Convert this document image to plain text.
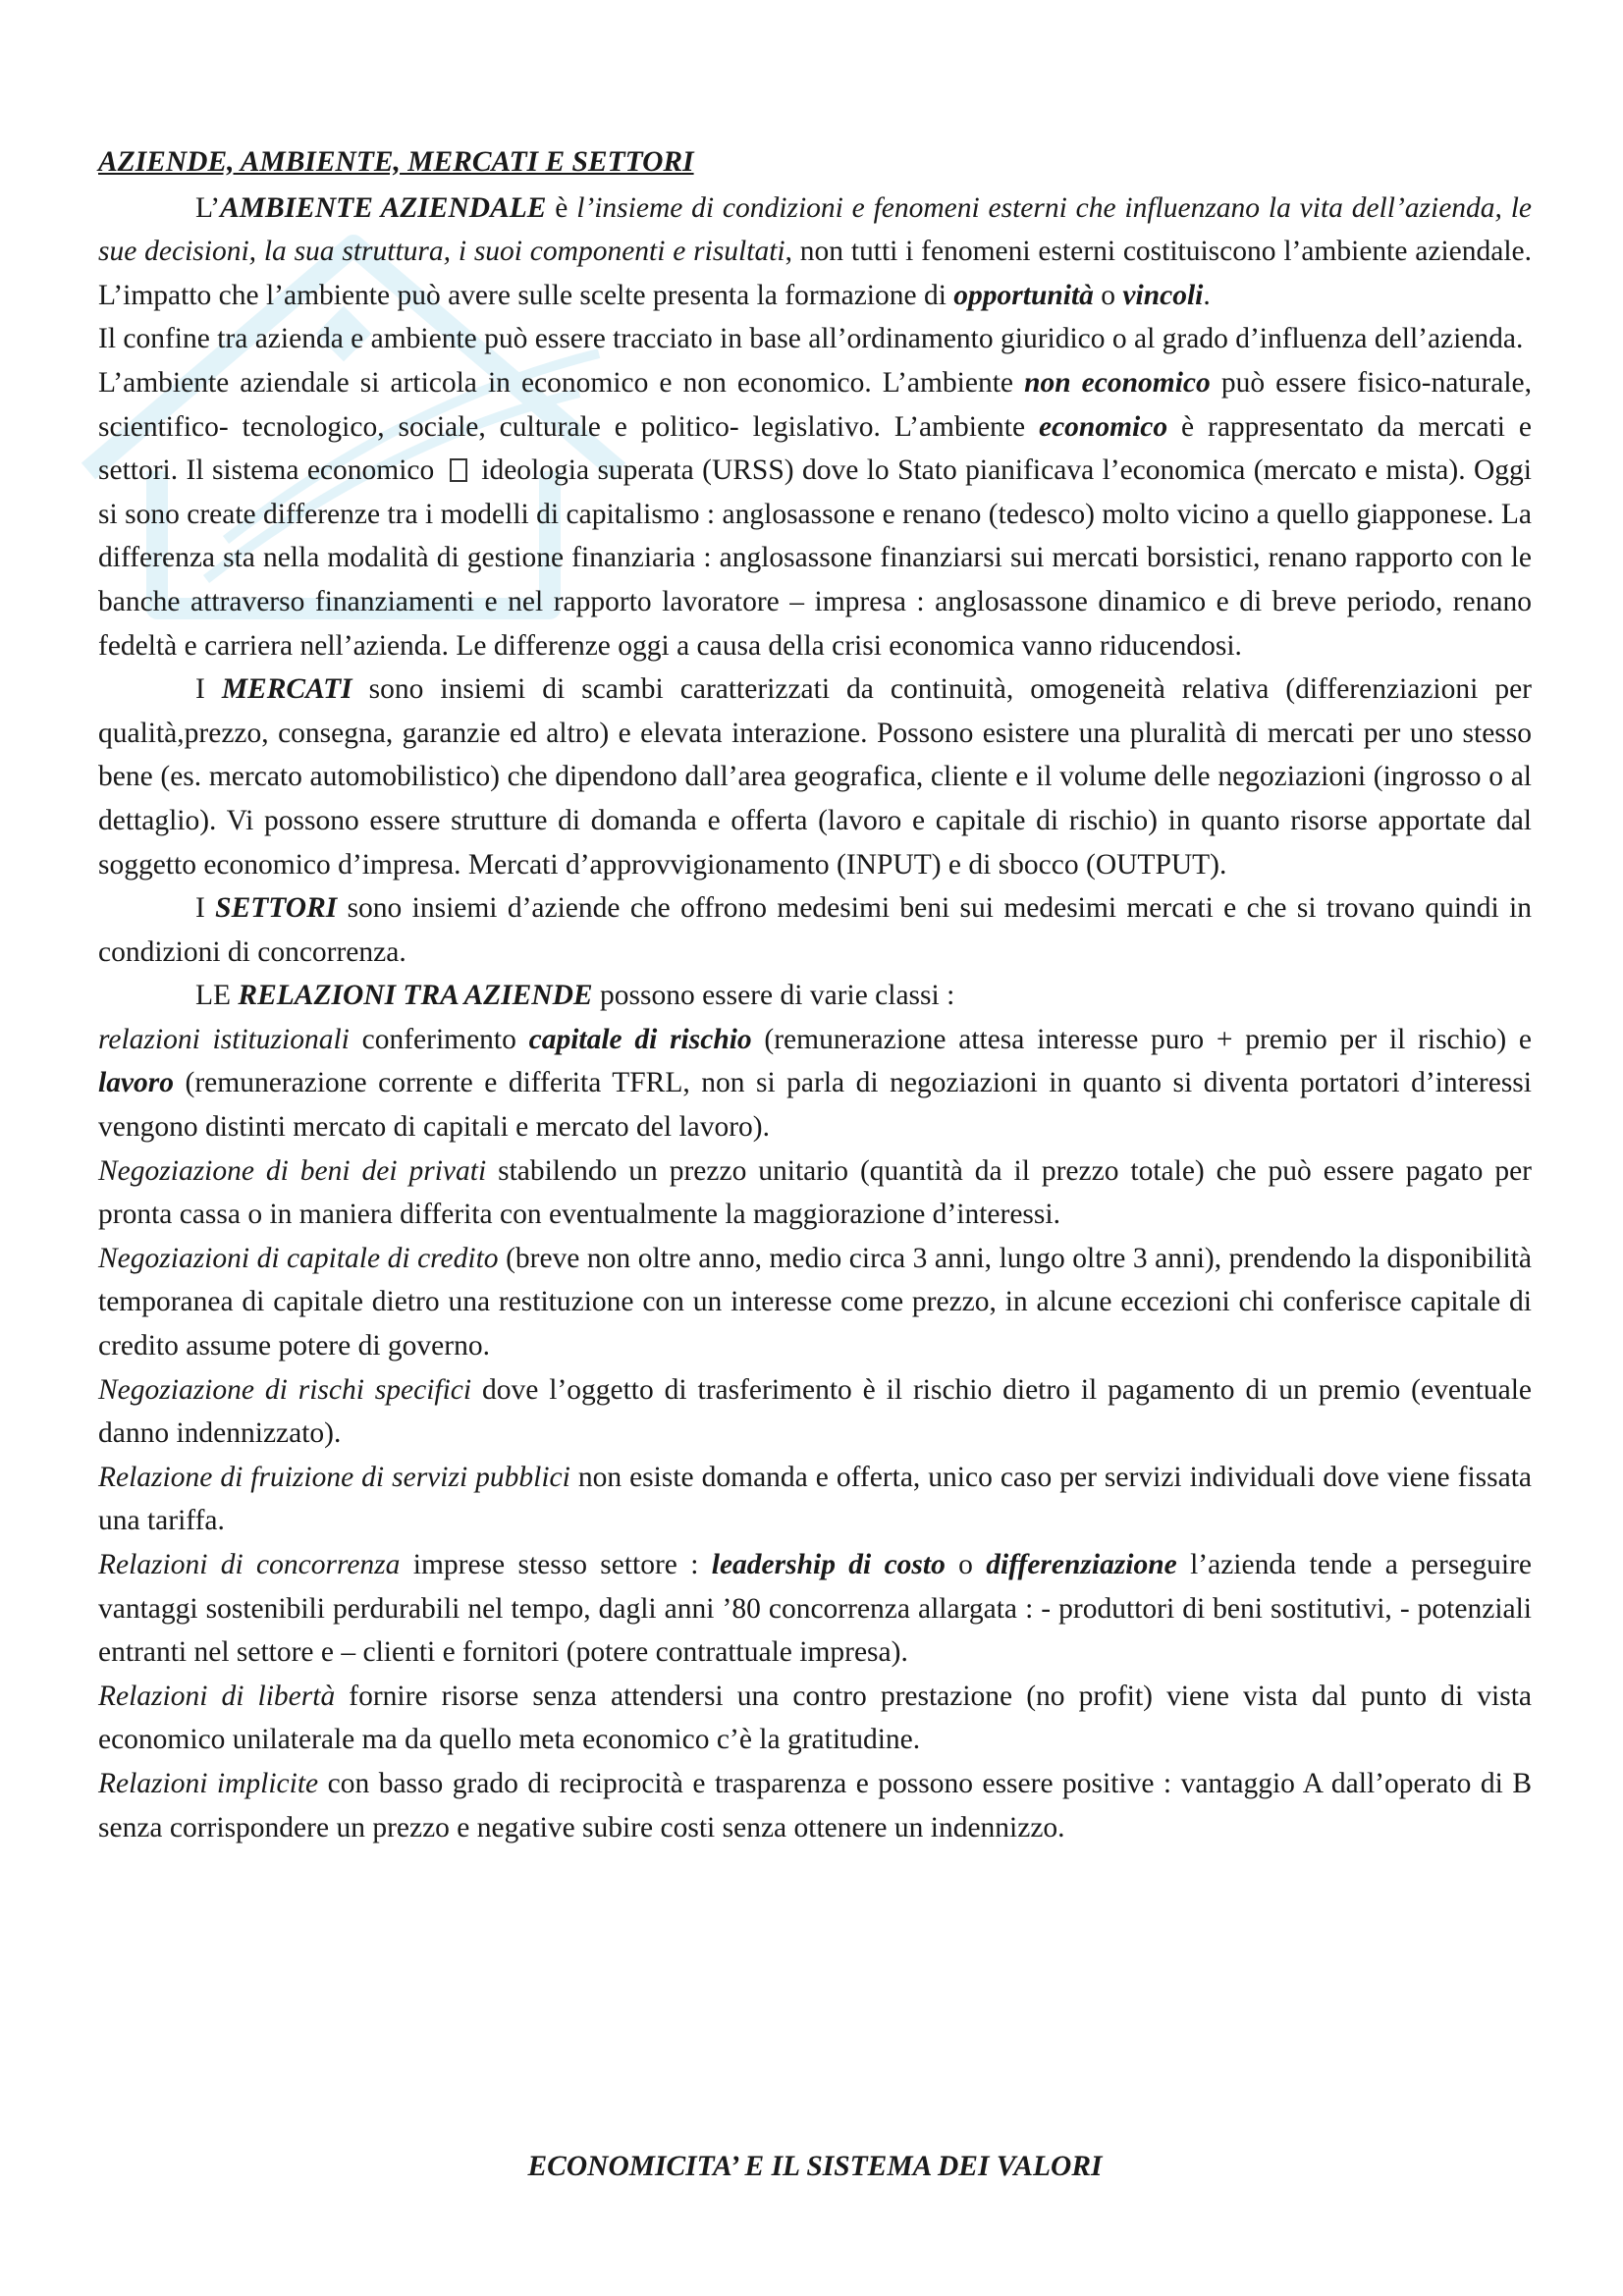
AZIENDE, AMBIENTE, MERCATI E SETTORI

L’AMBIENTE AZIENDALE è l’insieme di condizioni e fenomeni esterni che influenzano la vita dell’azienda, le sue decisioni, la sua struttura, i suoi componenti e risultati, non tutti i fenomeni esterni costituiscono l’ambiente aziendale. L’impatto che l’ambiente può avere sulle scelte presenta la formazione di opportunità o vincoli.

Il confine tra azienda e ambiente può essere tracciato in base all’ordinamento giuridico o al grado d’influenza dell’azienda.

L’ambiente aziendale si articola in economico e non economico. L’ambiente non economico può essere fisico-naturale, scientifico- tecnologico, sociale, culturale e politico- legislativo. L’ambiente economico è rappresentato da mercati e settori. Il sistema economico ideologia superata (URSS) dove lo Stato pianificava l’economica (mercato e mista). Oggi si sono create differenze tra i modelli di capitalismo : anglosassone e renano (tedesco) molto vicino a quello giapponese. La differenza sta nella modalità di gestione finanziaria : anglosassone finanziarsi sui mercati borsistici, renano rapporto con le banche attraverso finanziamenti e nel rapporto lavoratore – impresa : anglosassone dinamico e di breve periodo, renano fedeltà e carriera nell’azienda. Le differenze oggi a causa della crisi economica vanno riducendosi.

I MERCATI sono insiemi di scambi caratterizzati da continuità, omogeneità relativa (differenziazioni per qualità,prezzo, consegna, garanzie ed altro) e elevata interazione. Possono esistere una pluralità di mercati per uno stesso bene (es. mercato automobilistico) che dipendono dall’area geografica, cliente e il volume delle negoziazioni (ingrosso o al dettaglio). Vi possono essere strutture di domanda e offerta (lavoro e capitale di rischio) in quanto risorse apportate dal soggetto economico d’impresa. Mercati d’approvvigionamento (INPUT) e di sbocco (OUTPUT).

I SETTORI sono insiemi d’aziende che offrono medesimi beni sui medesimi mercati e che si trovano quindi in condizioni di concorrenza.

LE RELAZIONI TRA AZIENDE possono essere di varie classi :

relazioni istituzionali conferimento capitale di rischio (remunerazione attesa interesse puro + premio per il rischio) e lavoro (remunerazione corrente e differita TFRL, non si parla di negoziazioni in quanto si diventa portatori d’interessi vengono distinti mercato di capitali e mercato del lavoro).

Negoziazione di beni dei privati stabilendo un prezzo unitario (quantità da il prezzo totale) che può essere pagato per pronta cassa o in maniera differita con eventualmente la maggiorazione d’interessi.

Negoziazioni di capitale di credito (breve non oltre anno, medio circa 3 anni, lungo oltre 3 anni), prendendo la disponibilità temporanea di capitale dietro una restituzione con un interesse come prezzo, in alcune eccezioni chi conferisce capitale di credito assume potere di governo.

Negoziazione di rischi specifici dove l’oggetto di trasferimento è il rischio dietro il pagamento di un premio (eventuale danno indennizzato).

Relazione di fruizione di servizi pubblici non esiste domanda e offerta, unico caso per servizi individuali dove viene fissata una tariffa.

Relazioni di concorrenza imprese stesso settore : leadership di costo o differenziazione l’azienda tende a perseguire vantaggi sostenibili perdurabili nel tempo, dagli anni ’80 concorrenza allargata : - produttori di beni sostitutivi, - potenziali entranti nel settore e – clienti e fornitori (potere contrattuale impresa).

Relazioni di libertà fornire risorse senza attendersi una contro prestazione (no profit) viene vista dal punto di vista economico unilaterale ma da quello meta economico c’è la gratitudine.

Relazioni implicite con basso grado di reciprocità e trasparenza e possono essere positive : vantaggio A dall’operato di B senza corrispondere un prezzo e negative subire costi senza ottenere un indennizzo.

ECONOMICITA’ E IL SISTEMA DEI VALORI
